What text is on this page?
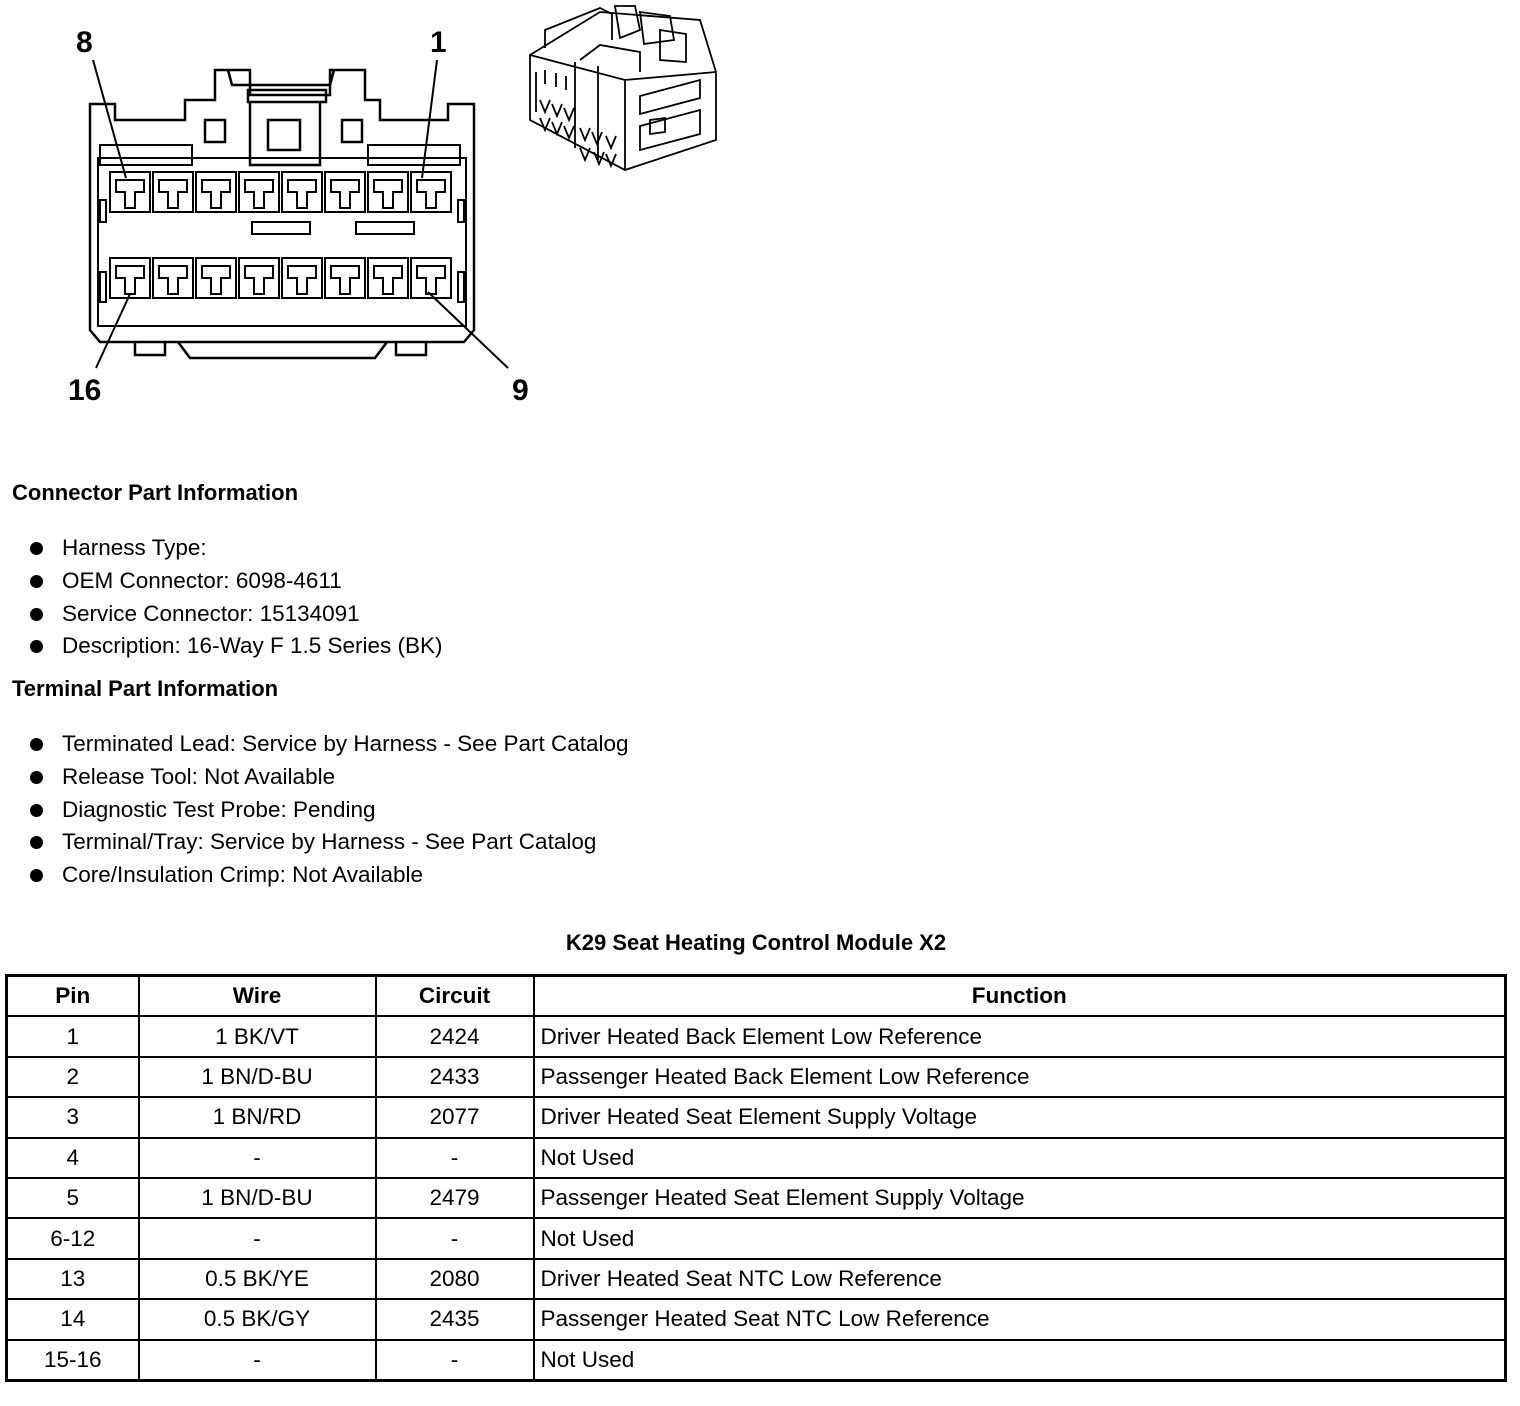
8	1
16	9
Connector Part Information
Harness Type:
OEM Connector: 6098-4611
Service Connector: 15134091
Description: 16-Way F 1.5 Series (BK)
Terminal Part Information
Terminated Lead: Service by Harness - See Part Catalog
Release Tool: Not Available
Diagnostic Test Probe: Pending
Terminal/Tray: Service by Harness - See Part Catalog
Core/Insulation Crimp: Not Available
K29 Seat Heating Control Module X2
Pin	Wire	Circuit	Function
1	1 BK/VT	2424	Driver Heated Back Element Low Reference
2	1 BN/D-BU	2433	Passenger Heated Back Element Low Reference
3	1 BN/RD	2077	Driver Heated Seat Element Supply Voltage
4	-	-	Not Used
5	1 BN/D-BU	2479	Passenger Heated Seat Element Supply Voltage
6-12	-	-	Not Used
13	0.5 BK/YE	2080	Driver Heated Seat NTC Low Reference
14	0.5 BK/GY	2435	Passenger Heated Seat NTC Low Reference
15-16	-	-	Not Used
